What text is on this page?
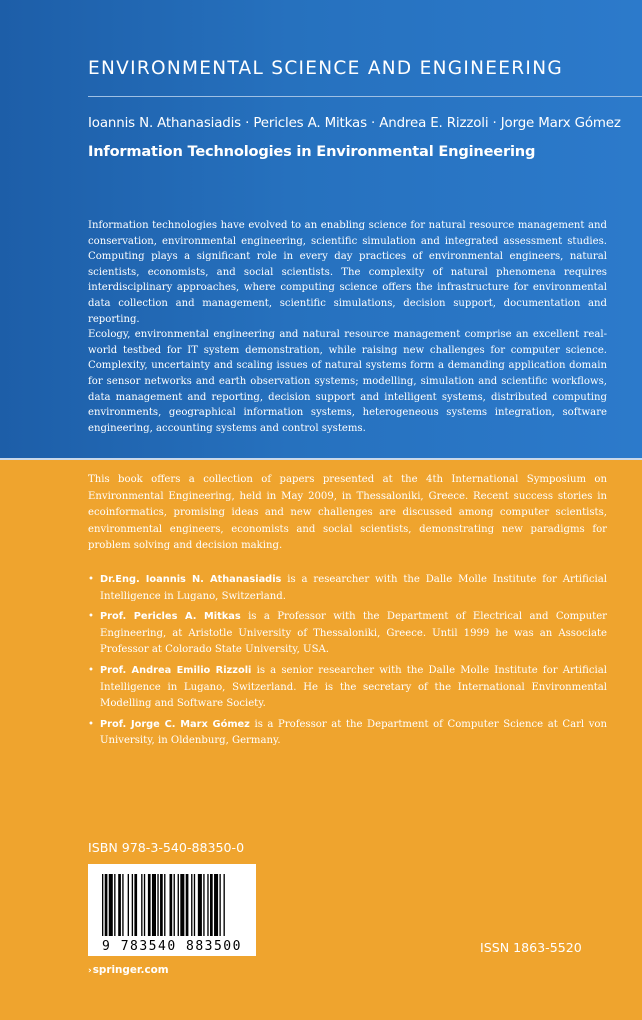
ENVIRONMENTAL SCIENCE AND ENGINEERING
Ioannis N. Athanasiadis · Pericles A. Mitkas · Andrea E. Rizzoli · Jorge Marx Gómez
Information Technologies in Environmental Engineering

Information technologies have evolved to an enabling science for natural resource management and conservation, environmental engineering, scientific simulation and integrated assessment studies. Computing plays a significant role in every day practices of environmental engineers, natural scientists, economists, and social scientists. The complexity of natural phenomena requires interdisciplinary approaches, where computing science offers the infrastructure for environmental data collection and management, scientific simulations, decision support, documentation and reporting.

Ecology, environmental engineering and natural resource management comprise an excellent real-world testbed for IT system demonstration, while raising new challenges for computer science. Complexity, uncertainty and scaling issues of natural systems form a demanding application domain for sensor networks and earth observation systems; modelling, simulation and scientific workflows, data management and reporting, decision support and intelligent systems, distributed computing environments, geographical information systems, heterogeneous systems integration, software engineering, accounting systems and control systems.

This book offers a collection of papers presented at the 4th International Symposium on Environmental Engineering, held in May 2009, in Thessaloniki, Greece. Recent success stories in ecoinformatics, promising ideas and new challenges are discussed among computer scientists, environmental engineers, economists and social scientists, demonstrating new paradigms for problem solving and decision making.

• Dr.Eng. Ioannis N. Athanasiadis is a researcher with the Dalle Molle Institute for Artificial Intelligence in Lugano, Switzerland.
• Prof. Pericles A. Mitkas is a Professor with the Department of Electrical and Computer Engineering, at Aristotle University of Thessaloniki, Greece. Until 1999 he was an Associate Professor at Colorado State University, USA.
• Prof. Andrea Emilio Rizzoli is a senior researcher with the Dalle Molle Institute for Artificial Intelligence in Lugano, Switzerland. He is the secretary of the International Environmental Modelling and Software Society.
• Prof. Jorge C. Marx Gómez is a Professor at the Department of Computer Science at Carl von University, in Oldenburg, Germany.
ISBN 978-3-540-88350-0
9 783540 883500	ISSN 1863-5520
›springer.com
